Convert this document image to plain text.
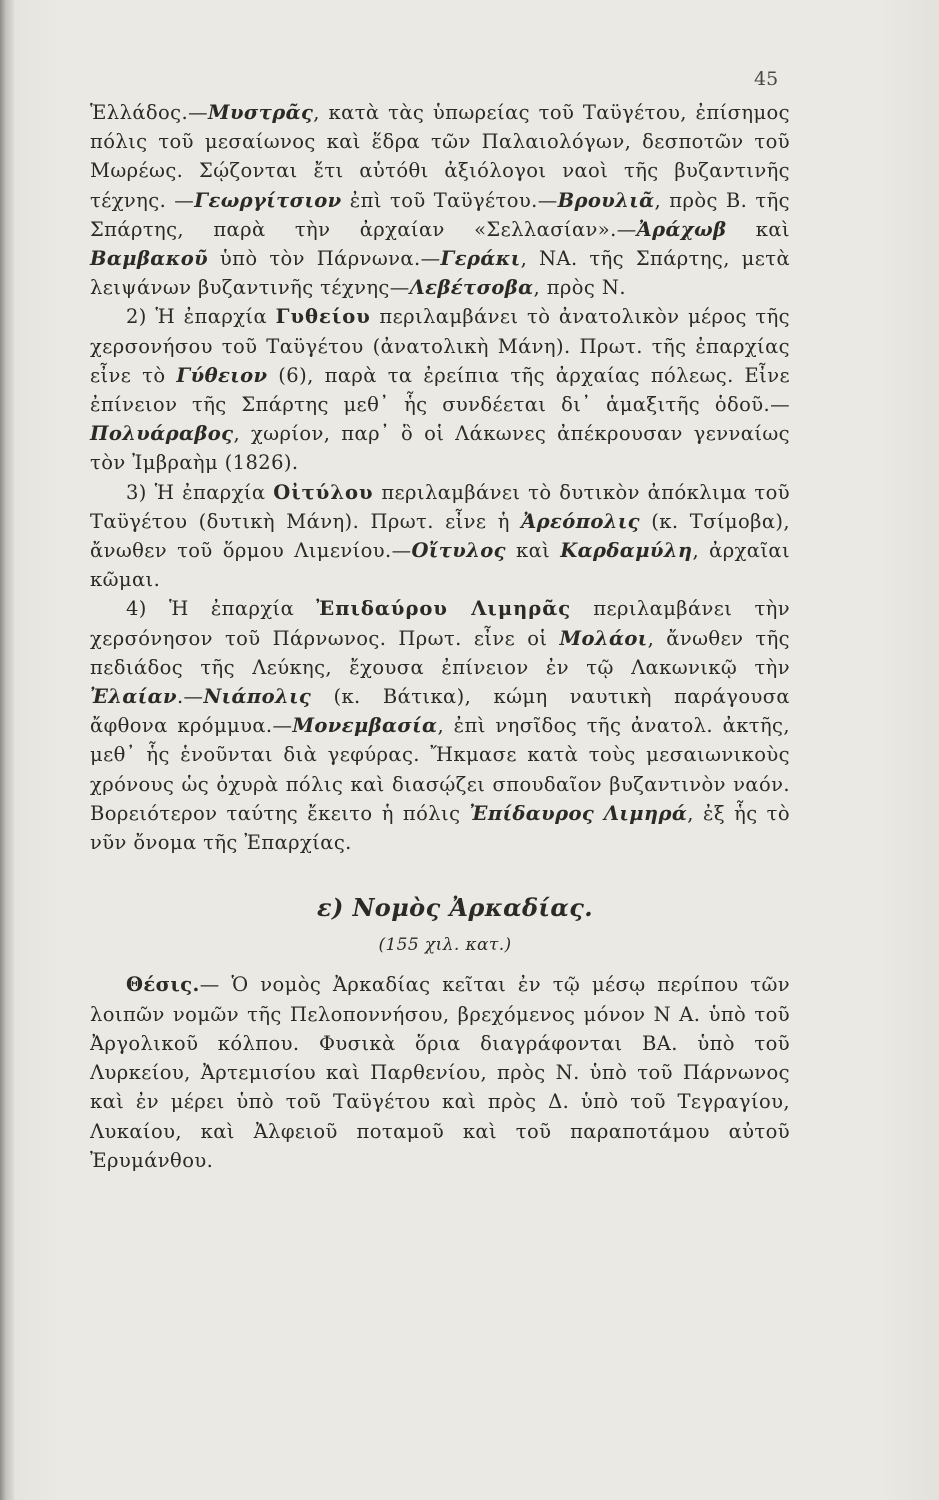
45

Ἑλλάδος.—Μυστρᾶς, κατὰ τὰς ὑπωρείας τοῦ Ταϋγέτου, ἐπίσημος πόλις τοῦ μεσαίωνος καὶ ἕδρα τῶν Παλαιολόγων, δεσποτῶν τοῦ Μωρέως. Σῴζονται ἔτι αὐτόθι ἀξιόλογοι ναοὶ τῆς βυζαντινῆς τέχνης. —Γεωργίτσιον ἐπὶ τοῦ Ταϋγέτου.—Βρουλιᾶ, πρὸς Β. τῆς Σπάρτης, παρὰ τὴν ἀρχαίαν «Σελλασίαν».—Ἀράχωβ καὶ Βαμβακοῦ ὑπὸ τὸν Πάρνωνα.—Γεράκι, ΝΑ. τῆς Σπάρτης, μετὰ λειψάνων βυζαντινῆς τέχνης—Λεβέτσοβα, πρὸς Ν.

2) Ἡ ἐπαρχία Γυθείου περιλαμβάνει τὸ ἀνατολικὸν μέρος τῆς χερσονήσου τοῦ Ταϋγέτου (ἀνατολικὴ Μάνη). Πρωτ. τῆς ἐπαρχίας εἶνε τὸ Γύθειον (6), παρὰ τα ἐρείπια τῆς ἀρχαίας πόλεως. Εἶνε ἐπίνειον τῆς Σπάρτης μεθ᾽ ἧς συνδέεται δι᾽ ἁμαξιτῆς ὁδοῦ.—Πολυάραβος, χωρίον, παρ᾽ ὃ οἱ Λάκωνες ἀπέκρουσαν γενναίως τὸν Ἰμβραὴμ (1826).

3) Ἡ ἐπαρχία Οἰτύλου περιλαμβάνει τὸ δυτικὸν ἀπόκλιμα τοῦ Ταϋγέτου (δυτικὴ Μάνη). Πρωτ. εἶνε ἡ Ἀρεόπολις (κ. Τσίμοβα), ἄνωθεν τοῦ ὅρμου Λιμενίου.—Οἴτυλος καὶ Καρδαμύλη, ἀρχαῖαι κῶμαι.

4) Ἡ ἐπαρχία Ἐπιδαύρου Λιμηρᾶς περιλαμβάνει τὴν χερσόνησον τοῦ Πάρνωνος. Πρωτ. εἶνε οἱ Μολάοι, ἄνωθεν τῆς πεδιάδος τῆς Λεύκης, ἔχουσα ἐπίνειον ἐν τῷ Λακωνικῷ τὴν Ἐλαίαν.—Νιάπολις (κ. Βάτικα), κώμη ναυτικὴ παράγουσα ἄφθονα κρόμμυα.—Μονεμβασία, ἐπὶ νησῖδος τῆς ἀνατολ. ἀκτῆς, μεθ᾽ ἧς ἑνοῦνται διὰ γεφύρας. Ἤκμασε κατὰ τοὺς μεσαιωνικοὺς χρόνους ὡς ὀχυρὰ πόλις καὶ διασῴζει σπουδαῖον βυζαντινὸν ναόν. Βορειότερον ταύτης ἔκειτο ἡ πόλις Ἐπίδαυρος Λιμηρά, ἐξ ἧς τὸ νῦν ὄνομα τῆς Ἐπαρχίας.

ε) Νομὸς Ἀρκαδίας.

(155 χιλ. κατ.)

Θέσις.— Ὁ νομὸς Ἀρκαδίας κεῖται ἐν τῷ μέσῳ περίπου τῶν λοιπῶν νομῶν τῆς Πελοποννήσου, βρεχόμενος μόνον Ν Α. ὑπὸ τοῦ Ἀργολικοῦ κόλπου. Φυσικὰ ὅρια διαγράφονται ΒΑ. ὑπὸ τοῦ Λυρκείου, Ἀρτεμισίου καὶ Παρθενίου, πρὸς Ν. ὑπὸ τοῦ Πάρνωνος καὶ ἐν μέρει ὑπὸ τοῦ Ταϋγέτου καὶ πρὸς Δ. ὑπὸ τοῦ Τεγραγίου, Λυκαίου, καὶ Ἀλφειοῦ ποταμοῦ καὶ τοῦ παραποτάμου αὐτοῦ Ἐρυμάνθου.
